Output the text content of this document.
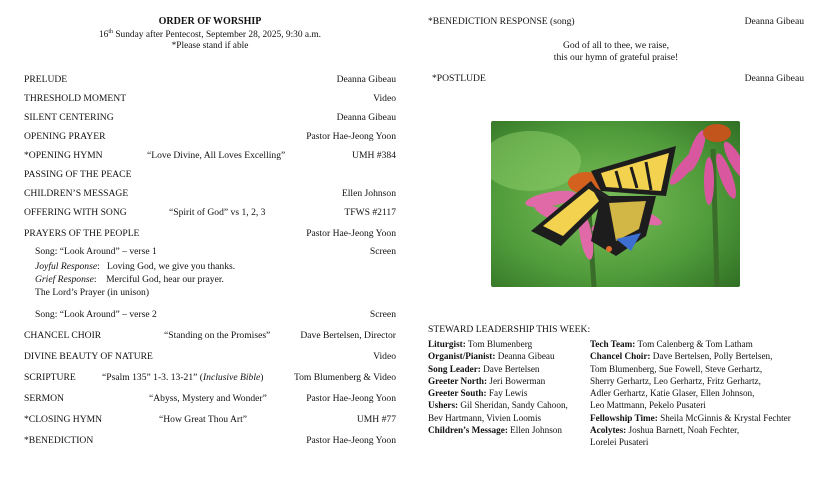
ORDER OF WORSHIP
16th Sunday after Pentecost, September 28, 2025, 9:30 a.m.
*Please stand if able
PRELUDE	Deanna Gibeau
THRESHOLD MOMENT	Video
SILENT CENTERING	Deanna Gibeau
OPENING PRAYER	Pastor Hae-Jeong Yoon
*OPENING HYMN	“Love Divine, All Loves Excelling”	UMH #384
PASSING OF THE PEACE
CHILDREN’S MESSAGE	Ellen Johnson
OFFERING WITH SONG	“Spirit of God” vs 1, 2, 3	TFWS #2117
PRAYERS OF THE PEOPLE	Pastor Hae-Jeong Yoon
Song: “Look Around” – verse 1	Screen
Joyful Response:   Loving God, we give you thanks.
Grief Response:    Merciful God, hear our prayer.
The Lord’s Prayer (in unison)
Song: “Look Around” – verse 2	Screen
CHANCEL CHOIR	“Standing on the Promises”	Dave Bertelsen, Director
DIVINE BEAUTY OF NATURE	Video
SCRIPTURE	“Psalm 135” 1-3. 13-21” (Inclusive Bible)	Tom Blumenberg & Video
SERMON	“Abyss, Mystery and Wonder”	Pastor Hae-Jeong Yoon
*CLOSING HYMN	“How Great Thou Art”	UMH #77
*BENEDICTION	Pastor Hae-Jeong Yoon
*BENEDICTION RESPONSE (song)	Deanna Gibeau
God of all to thee, we raise,
this our hymn of grateful praise!
*POSTLUDE	Deanna Gibeau
STEWARD LEADERSHIP THIS WEEK:
Liturgist: Tom Blumenberg
Organist/Pianist: Deanna Gibeau
Song Leader: Dave Bertelsen
Greeter North: Jeri Bowerman
Greeter South: Fay Lewis
Ushers: Gil Sheridan, Sandy Cahoon,
Bev Hartmann, Vivien Loomis
Children’s Message: Ellen Johnson
Tech Team: Tom Calenberg & Tom Latham
Chancel Choir: Dave Bertelsen, Polly Bertelsen,
Tom Blumenberg, Sue Fowell, Steve Gerhartz,
Sherry Gerhartz, Leo Gerhartz, Fritz Gerhartz,
Adler Gerhartz, Katie Glaser, Ellen Johnson,
Leo Mattmann, Pekelo Pusateri
Fellowship Time: Sheila McGinnis & Krystal Fechter
Acolytes: Joshua Barnett, Noah Fechter,
Lorelei Pusateri
